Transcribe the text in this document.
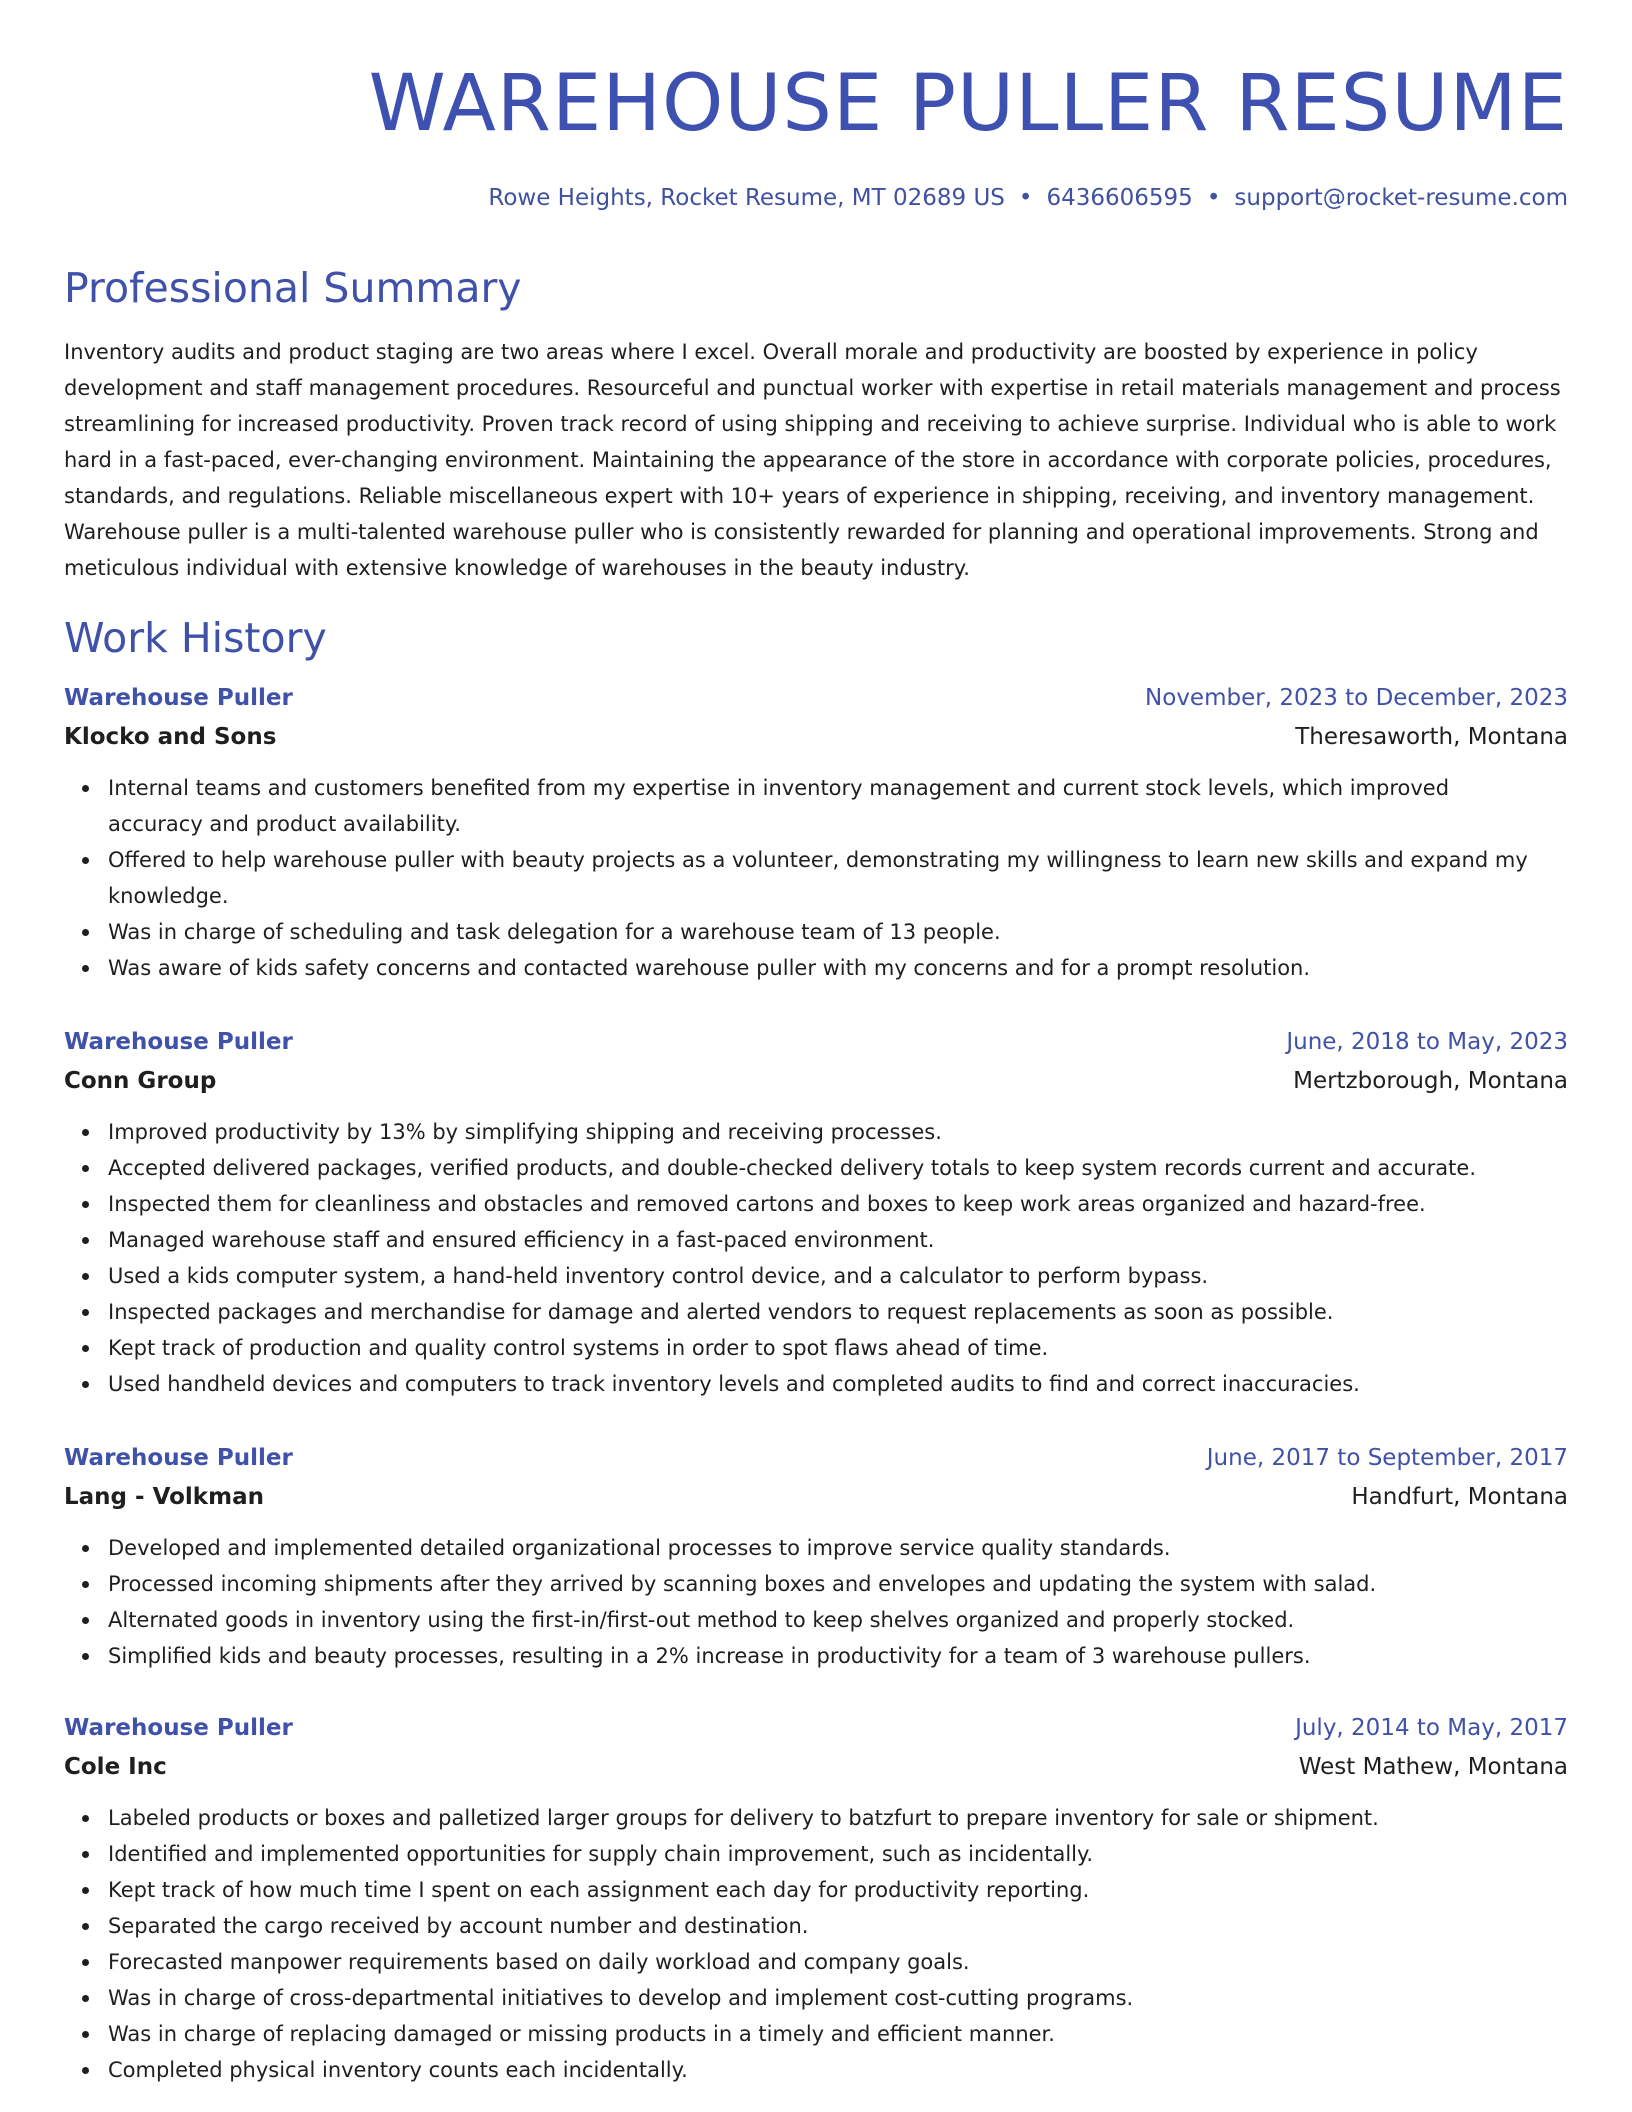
WAREHOUSE PULLER RESUME
Rowe Heights, Rocket Resume, MT 02689 US • 6436606595 • support@rocket-resume.com
Professional Summary

Inventory audits and product staging are two areas where I excel. Overall morale and productivity are boosted by experience in policy development and staff management procedures. Resourceful and punctual worker with expertise in retail materials management and process streamlining for increased productivity. Proven track record of using shipping and receiving to achieve surprise. Individual who is able to work hard in a fast-paced, ever-changing environment. Maintaining the appearance of the store in accordance with corporate policies, procedures, standards, and regulations. Reliable miscellaneous expert with 10+ years of experience in shipping, receiving, and inventory management. Warehouse puller is a multi-talented warehouse puller who is consistently rewarded for planning and operational improvements. Strong and meticulous individual with extensive knowledge of warehouses in the beauty industry.

Work History
Warehouse Puller	November, 2023 to December, 2023
Klocko and Sons	Theresaworth, Montana
Internal teams and customers benefited from my expertise in inventory management and current stock levels, which improved accuracy and product availability.
Offered to help warehouse puller with beauty projects as a volunteer, demonstrating my willingness to learn new skills and expand my knowledge.
Was in charge of scheduling and task delegation for a warehouse team of 13 people.
Was aware of kids safety concerns and contacted warehouse puller with my concerns and for a prompt resolution.
Warehouse Puller	June, 2018 to May, 2023
Conn Group	Mertzborough, Montana
Improved productivity by 13% by simplifying shipping and receiving processes.
Accepted delivered packages, verified products, and double-checked delivery totals to keep system records current and accurate.
Inspected them for cleanliness and obstacles and removed cartons and boxes to keep work areas organized and hazard-free.
Managed warehouse staff and ensured efficiency in a fast-paced environment.
Used a kids computer system, a hand-held inventory control device, and a calculator to perform bypass.
Inspected packages and merchandise for damage and alerted vendors to request replacements as soon as possible.
Kept track of production and quality control systems in order to spot flaws ahead of time.
Used handheld devices and computers to track inventory levels and completed audits to find and correct inaccuracies.
Warehouse Puller	June, 2017 to September, 2017
Lang - Volkman	Handfurt, Montana
Developed and implemented detailed organizational processes to improve service quality standards.
Processed incoming shipments after they arrived by scanning boxes and envelopes and updating the system with salad.
Alternated goods in inventory using the first-in/first-out method to keep shelves organized and properly stocked.
Simplified kids and beauty processes, resulting in a 2% increase in productivity for a team of 3 warehouse pullers.
Warehouse Puller	July, 2014 to May, 2017
Cole Inc	West Mathew, Montana
Labeled products or boxes and palletized larger groups for delivery to batzfurt to prepare inventory for sale or shipment.
Identified and implemented opportunities for supply chain improvement, such as incidentally.
Kept track of how much time I spent on each assignment each day for productivity reporting.
Separated the cargo received by account number and destination.
Forecasted manpower requirements based on daily workload and company goals.
Was in charge of cross-departmental initiatives to develop and implement cost-cutting programs.
Was in charge of replacing damaged or missing products in a timely and efficient manner.
Completed physical inventory counts each incidentally.
